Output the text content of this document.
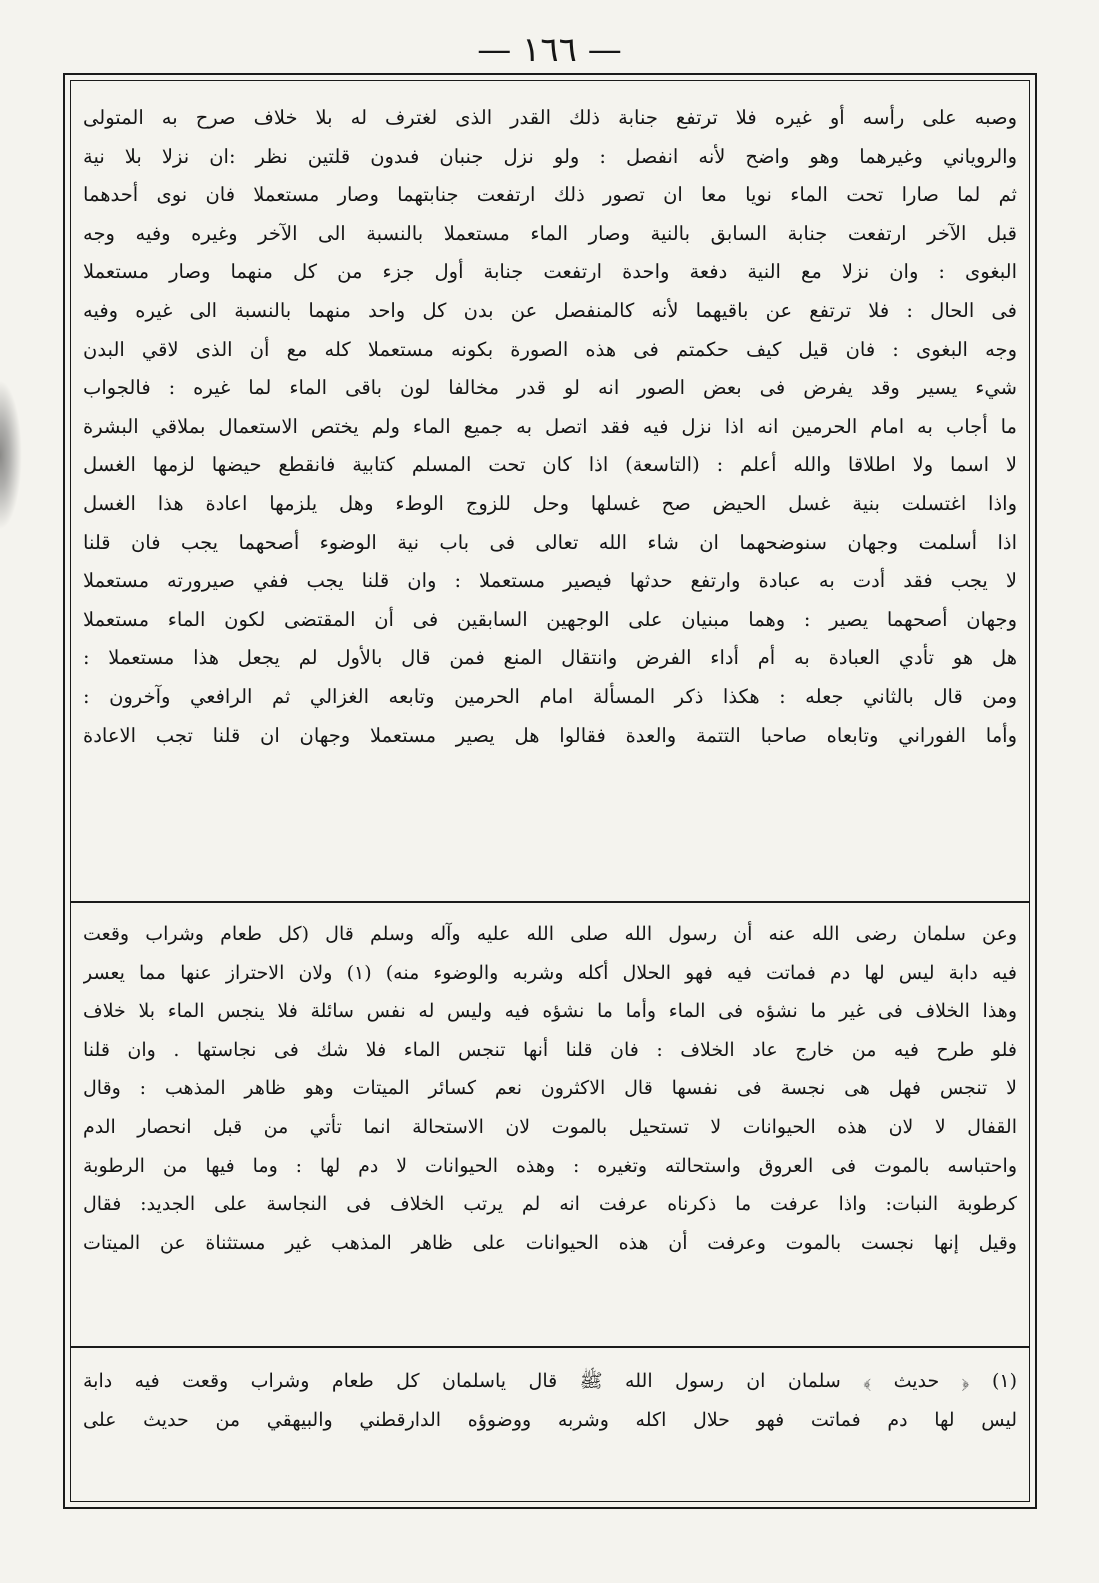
— ١٦٦ —
وصبه على رأسه أو غيره فلا ترتفع جنابة ذلك القدر الذى لغترف له بلا خلاف صرح به المتولى
والروياني وغيرهما وهو واضح لأنه انفصل : ولو نزل جنبان فىدون قلتين نظر :ان نزلا بلا نية
ثم لما صارا تحت الماء نويا معا ان تصور ذلك ارتفعت جنابتهما وصار مستعملا فان نوى أحدهما
قبل الآخر ارتفعت جنابة السابق بالنية وصار الماء مستعملا بالنسبة الى الآخر وغيره وفيه وجه
البغوى : وان نزلا مع النية دفعة واحدة ارتفعت جنابة أول جزء من كل منهما وصار مستعملا
فى الحال : فلا ترتفع عن باقيهما لأنه كالمنفصل عن بدن كل واحد منهما بالنسبة الى غيره وفيه
وجه البغوى : فان قيل كيف حكمتم فى هذه الصورة بكونه مستعملا كله مع أن الذى لاقي البدن
شيء يسير وقد يفرض فى بعض الصور انه لو قدر مخالفا لون باقى الماء لما غيره : فالجواب
ما أجاب به امام الحرمين انه اذا نزل فيه فقد اتصل به جميع الماء ولم يختص الاستعمال بملاقي البشرة
لا اسما ولا اطلاقا والله أعلم : (التاسعة) اذا كان تحت المسلم كتابية فانقطع حيضها لزمها الغسل
واذا اغتسلت بنية غسل الحيض صح غسلها وحل للزوج الوطء وهل يلزمها اعادة هذا الغسل
اذا أسلمت وجهان سنوضحهما ان شاء الله تعالى فى باب نية الوضوء أصحهما يجب فان قلنا
لا يجب فقد أدت به عبادة وارتفع حدثها فيصير مستعملا : وان قلنا يجب ففي صيرورته مستعملا
وجهان أصحهما يصير : وهما مبنيان على الوجهين السابقين فى أن المقتضى لكون الماء مستعملا
هل هو تأدي العبادة به أم أداء الفرض وانتقال المنع فمن قال بالأول لم يجعل هذا مستعملا :
ومن قال بالثاني جعله : هكذا ذكر المسألة امام الحرمين وتابعه الغزالي ثم الرافعي وآخرون :
وأما الفوراني وتابعاه صاحبا التتمة والعدة فقالوا هل يصير مستعملا وجهان ان قلنا تجب الاعادة
وعن سلمان رضى الله عنه أن رسول الله صلى الله عليه وآله وسلم قال (كل طعام وشراب وقعت
فيه دابة ليس لها دم فماتت فيه فهو الحلال أكله وشربه والوضوء منه) (١) ولان الاحتراز عنها مما يعسر
وهذا الخلاف فى غير ما نشؤه فى الماء وأما ما نشؤه فيه وليس له نفس سائلة فلا ينجس الماء بلا خلاف
فلو طرح فيه من خارج عاد الخلاف : فان قلنا أنها تنجس الماء فلا شك فى نجاستها . وان قلنا
لا تنجس فهل هى نجسة فى نفسها قال الاكثرون نعم كسائر الميتات وهو ظاهر المذهب : وقال
القفال لا لان هذه الحيوانات لا تستحيل بالموت لان الاستحالة انما تأتي من قبل انحصار الدم
واحتباسه بالموت فى العروق واستحالته وتغيره : وهذه الحيوانات لا دم لها : وما فيها من الرطوبة
كرطوبة النبات: واذا عرفت ما ذكرناه عرفت انه لم يرتب الخلاف فى النجاسة على الجديد: فقال
وقيل إنها نجست بالموت وعرفت أن هذه الحيوانات على ظاهر المذهب غير مستثناة عن الميتات
(١) ﴿ حديث ﴾ سلمان ان رسول الله ﷺ قال ياسلمان كل طعام وشراب وقعت فيه دابة
ليس لها دم فماتت فهو حلال اكله وشربه ووضوؤه الدارقطني والبيهقي من حديث على
